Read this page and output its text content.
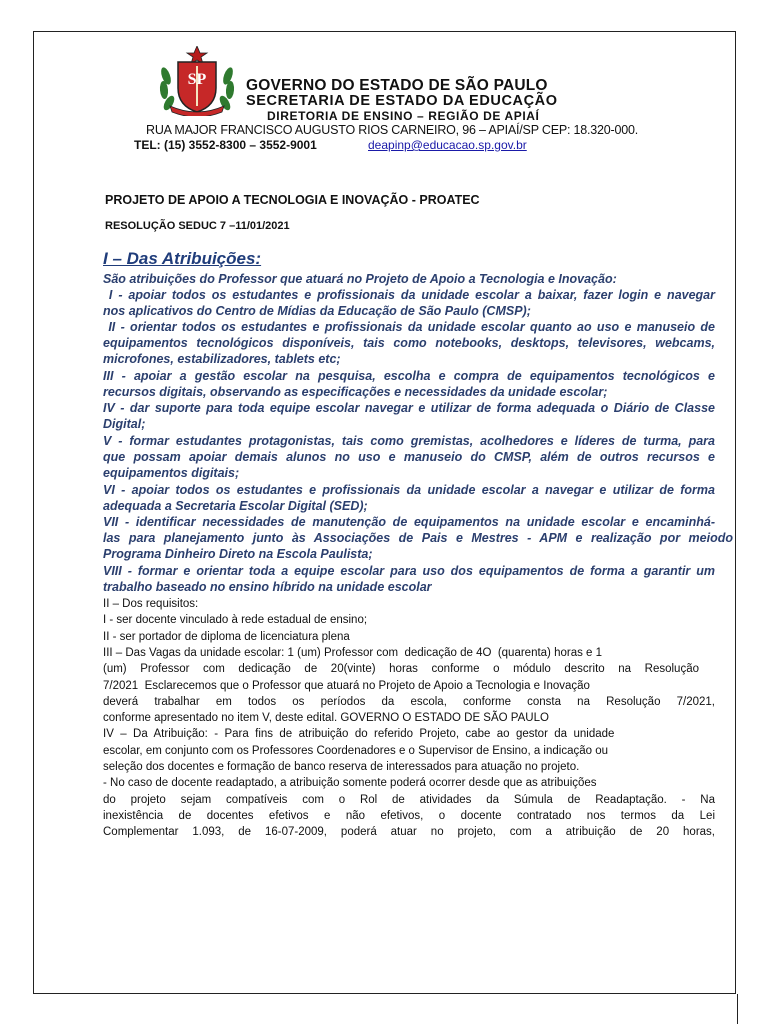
SP	GOVERNO DO ESTADO DE SÃO PAULO
SECRETARIA DE ESTADO DA EDUCAÇÃO
DIRETORIA DE ENSINO – REGIÃO DE APIAÍ
RUA MAJOR FRANCISCO AUGUSTO RIOS CARNEIRO, 96 – APIAÍ/SP CEP: 18.320-000.
TEL: (15) 3552-8300 – 3552-9001	deapinp@educacao.sp.gov.br
PROJETO DE APOIO A TECNOLOGIA E INOVAÇÃO - PROATEC
RESOLUÇÃO SEDUC 7 –11/01/2021
I – Das Atribuições:
São atribuições do Professor que atuará no Projeto de Apoio a Tecnologia e Inovação:
I - apoiar todos os estudantes e profissionais da unidade escolar a baixar, fazer login e navegar
nos aplicativos do Centro de Mídias da Educação de São Paulo (CMSP);
II - orientar todos os estudantes e profissionais da unidade escolar quanto ao uso e manuseio de
equipamentos tecnológicos disponíveis, tais como notebooks, desktops, televisores, webcams,
microfones, estabilizadores, tablets etc;
III - apoiar a gestão escolar na pesquisa, escolha e compra de equipamentos tecnológicos e
recursos digitais, observando as especificações e necessidades da unidade escolar;
IV - dar suporte para toda equipe escolar navegar e utilizar de forma adequada o Diário de Classe
Digital;
V - formar estudantes protagonistas, tais como gremistas, acolhedores e líderes de turma, para
que possam apoiar demais alunos no uso e manuseio do CMSP, além de outros recursos e
equipamentos digitais;
VI - apoiar todos os estudantes e profissionais da unidade escolar a navegar e utilizar de forma
adequada a Secretaria Escolar Digital (SED);
VII - identificar necessidades de manutenção de equipamentos na unidade escolar e encaminhá-
las para planejamento junto às Associações de Pais e Mestres - APM e realização por meiodo
Programa Dinheiro Direto na Escola Paulista;
VIII - formar e orientar toda a equipe escolar para uso dos equipamentos de forma a garantir um
trabalho baseado no ensino híbrido na unidade escolar
II – Dos requisitos:
I - ser docente vinculado à rede estadual de ensino;
II - ser portador de diploma de licenciatura plena
III – Das Vagas da unidade escolar: 1 (um) Professor com  dedicação de 4O  (quarenta) horas e 1
(um) Professor com dedicação de 20(vinte) horas conforme o módulo descrito na Resolução
7/2021  Esclarecemos que o Professor que atuará no Projeto de Apoio a Tecnologia e Inovação
deverá trabalhar em todos os períodos da escola, conforme consta na Resolução 7/2021,
conforme apresentado no item V, deste edital. GOVERNO O ESTADO DE SÃO PAULO
IV  –  Da  Atribuição:  -  Para  fins  de  atribuição  do  referido  Projeto,  cabe  ao  gestor  da  unidade
escolar, em conjunto com os Professores Coordenadores e o Supervisor de Ensino, a indicação ou
seleção dos docentes e formação de banco reserva de interessados para atuação no projeto.
- No caso de docente readaptado, a atribuição somente poderá ocorrer desde que as atribuições
do projeto sejam compatíveis com o Rol de atividades da Súmula de Readaptação. - Na
inexistência de docentes efetivos e não efetivos, o docente contratado nos termos da Lei
Complementar 1.093, de 16-07-2009, poderá atuar no projeto, com a atribuição de 20 horas,
